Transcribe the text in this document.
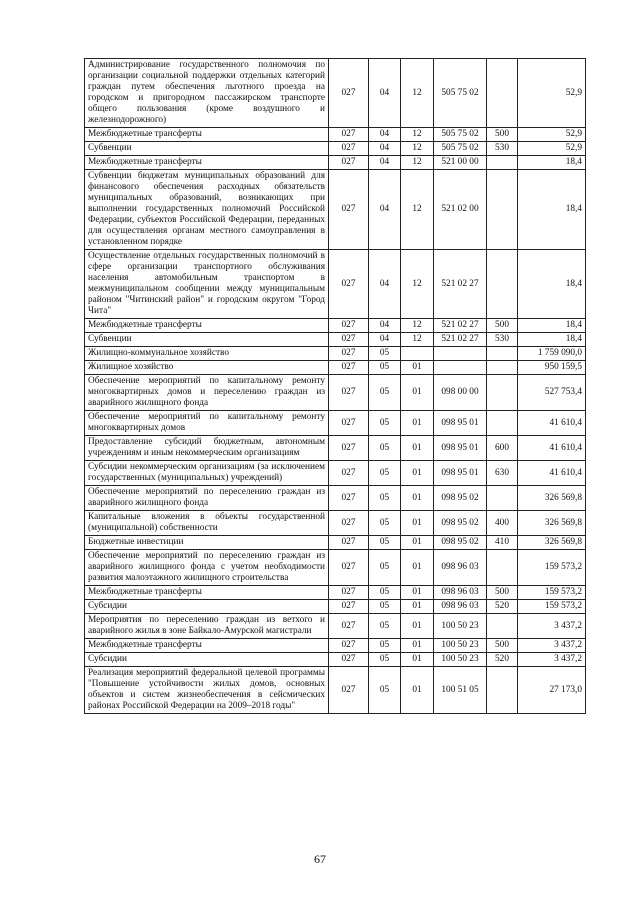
Администрирование государственного полномочия по организации социальной поддержки отдельных категорий граждан путем обеспечения льготного проезда на городском и пригородном пассажирском транспорте общего пользования (кроме воздушного и железнодорожного)	027	04	12	505 75 02		52,9
Межбюджетные трансферты	027	04	12	505 75 02	500	52,9
Субвенции	027	04	12	505 75 02	530	52,9
Межбюджетные трансферты	027	04	12	521 00 00		18,4
Субвенции бюджетам муниципальных образований для финансового обеспечения расходных обязательств муниципальных образований, возникающих при выполнении государственных полномочий Российской Федерации, субъектов Российской Федерации, переданных для осуществления органам местного самоуправления в установленном порядке	027	04	12	521 02 00		18,4
Осуществление отдельных государственных полномочий в сфере организации транспортного обслуживания населения автомобильным транспортом в межмуниципальном сообщении между муниципальным районом "Читинский район" и городским округом "Город Чита"	027	04	12	521 02 27		18,4
Межбюджетные трансферты	027	04	12	521 02 27	500	18,4
Субвенции	027	04	12	521 02 27	530	18,4
Жилищно-коммунальное хозяйство	027	05				1 759 090,0
Жилищное хозяйство	027	05	01			950 159,5
Обеспечение мероприятий по капитальному ремонту многоквартирных домов и переселению граждан из аварийного жилищного фонда	027	05	01	098 00 00		527 753,4
Обеспечение мероприятий по капитальному ремонту многоквартирных домов	027	05	01	098 95 01		41 610,4
Предоставление субсидий бюджетным, автономным учреждениям и иным некоммерческим организациям	027	05	01	098 95 01	600	41 610,4
Субсидии некоммерческим организациям (за исключением государственных (муниципальных) учреждений)	027	05	01	098 95 01	630	41 610,4
Обеспечение мероприятий по переселению граждан из аварийного жилищного фонда	027	05	01	098 95 02		326 569,8
Капитальные вложения в объекты государственной (муниципальной) собственности	027	05	01	098 95 02	400	326 569,8
Бюджетные инвестиции	027	05	01	098 95 02	410	326 569,8
Обеспечение мероприятий по переселению граждан из аварийного жилищного фонда с учетом необходимости развития малоэтажного жилищного строительства	027	05	01	098 96 03		159 573,2
Межбюджетные трансферты	027	05	01	098 96 03	500	159 573,2
Субсидии	027	05	01	098 96 03	520	159 573,2
Мероприятия по переселению граждан из ветхого и аварийного жилья в зоне Байкало-Амурской магистрали	027	05	01	100 50 23		3 437,2
Межбюджетные трансферты	027	05	01	100 50 23	500	3 437,2
Субсидии	027	05	01	100 50 23	520	3 437,2
Реализация мероприятий федеральной целевой программы "Повышение устойчивости жилых домов, основных объектов и систем жизнеобеспечения в сейсмических районах Российской Федерации на 2009–2018 годы"	027	05	01	100 51 05		27 173,0
67
